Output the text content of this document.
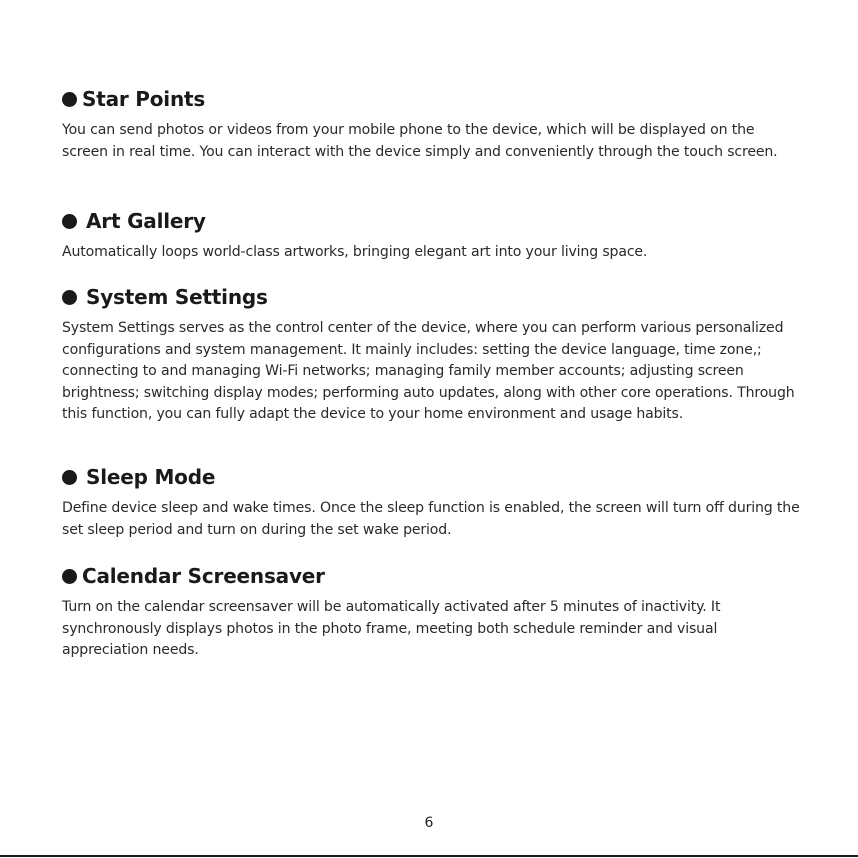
Star Points

You can send photos or videos from your mobile phone to the device, which will be displayed on the screen in real time. You can interact with the device simply and conveniently through the touch screen.

Art Gallery

Automatically loops world-class artworks, bringing elegant art into your living space.

System Settings

System Settings serves as the control center of the device, where you can perform various personalized configurations and system management. It mainly includes: setting the device language, time zone,; connecting to and managing Wi-Fi networks; managing family member accounts; adjusting screen brightness; switching display modes; performing auto updates, along with other core operations. Through this function, you can fully adapt the device to your home environment and usage habits.

Sleep Mode

Define device sleep and wake times. Once the sleep function is enabled, the screen will turn off during the set sleep period and turn on during the set wake period.

Calendar Screensaver

Turn on the calendar screensaver will be automatically activated after 5 minutes of inactivity. It synchronously displays photos in the photo frame, meeting both schedule reminder and visual appreciation needs.

6
